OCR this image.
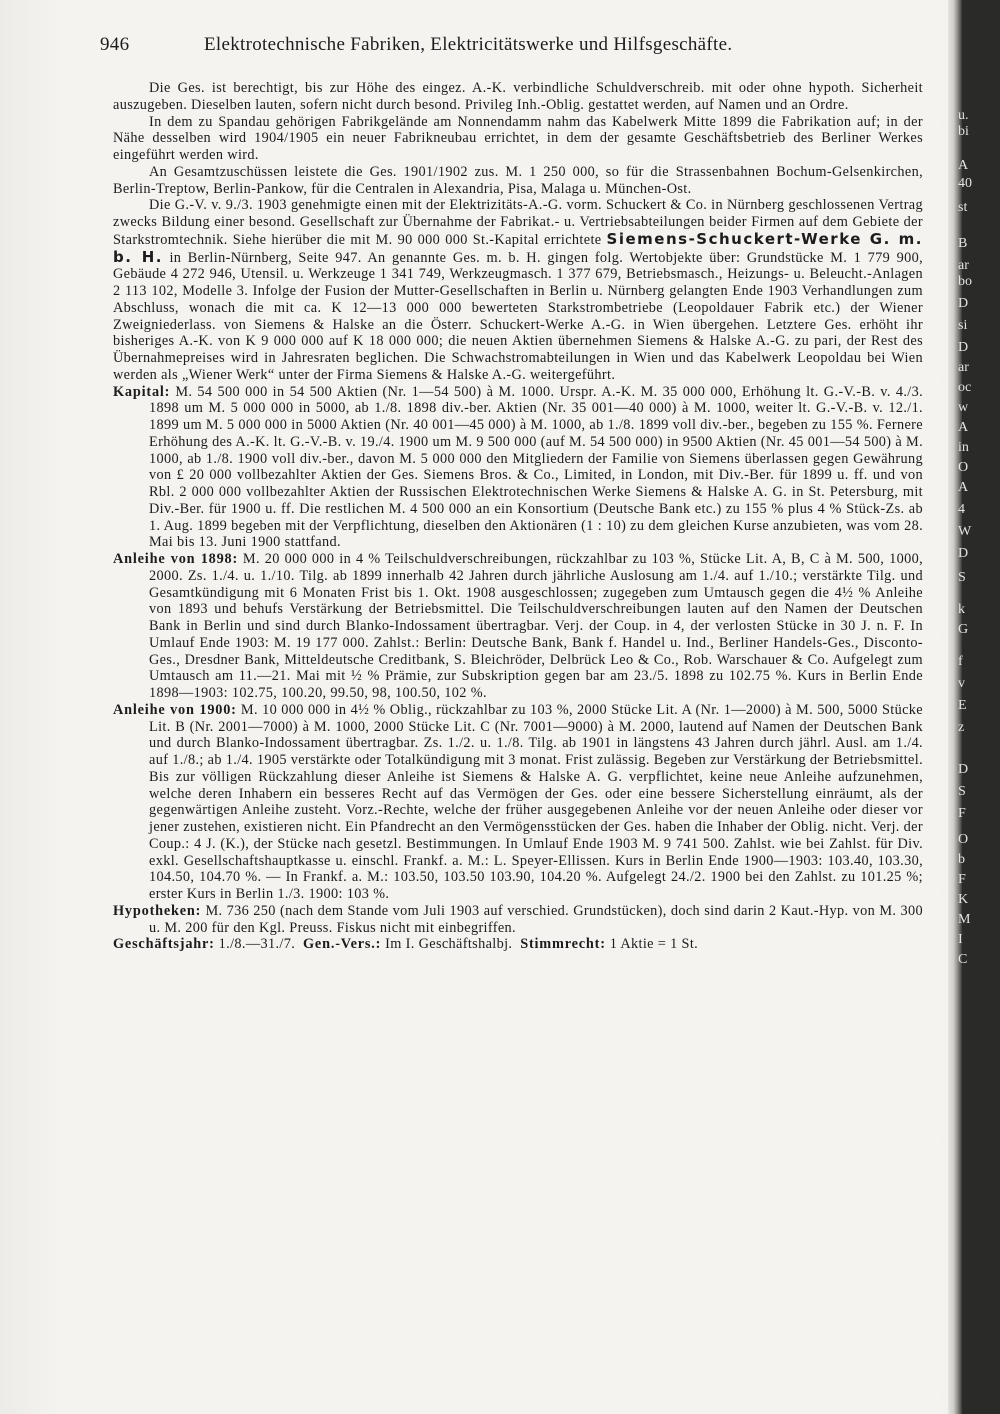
946	Elektrotechnische Fabriken, Elektricitätswerke und Hilfsgeschäfte.

Die Ges. ist berechtigt, bis zur Höhe des eingez. A.-K. verbindliche Schuldverschreib. mit oder ohne hypoth. Sicherheit auszugeben. Dieselben lauten, sofern nicht durch besond. Privileg Inh.-Oblig. gestattet werden, auf Namen und an Ordre.

In dem zu Spandau gehörigen Fabrikgelände am Nonnendamm nahm das Kabelwerk Mitte 1899 die Fabrikation auf; in der Nähe desselben wird 1904/1905 ein neuer Fabrikneubau errichtet, in dem der gesamte Geschäftsbetrieb des Berliner Werkes eingeführt werden wird.

An Gesamtzuschüssen leistete die Ges. 1901/1902 zus. M. 1 250 000, so für die Strassenbahnen Bochum-Gelsenkirchen, Berlin-Treptow, Berlin-Pankow, für die Centralen in Alexandria, Pisa, Malaga u. München-Ost.

Die G.-V. v. 9./3. 1903 genehmigte einen mit der Elektrizitäts-A.-G. vorm. Schuckert & Co. in Nürnberg geschlossenen Vertrag zwecks Bildung einer besond. Gesellschaft zur Übernahme der Fabrikat.- u. Vertriebsabteilungen beider Firmen auf dem Gebiete der Starkstromtechnik. Siehe hierüber die mit M. 90 000 000 St.-Kapital errichtete Siemens-Schuckert-Werke G. m. b. H. in Berlin-Nürnberg, Seite 947. An genannte Ges. m. b. H. gingen folg. Wertobjekte über: Grundstücke M. 1 779 900, Gebäude 4 272 946, Utensil. u. Werkzeuge 1 341 749, Werkzeugmasch. 1 377 679, Betriebsmasch., Heizungs- u. Beleucht.-Anlagen 2 113 102, Modelle 3. Infolge der Fusion der Mutter-Gesellschaften in Berlin u. Nürnberg gelangten Ende 1903 Verhandlungen zum Abschluss, wonach die mit ca. K 12—13 000 000 bewerteten Starkstrombetriebe (Leopoldauer Fabrik etc.) der Wiener Zweigniederlass. von Siemens & Halske an die Österr. Schuckert-Werke A.-G. in Wien übergehen. Letztere Ges. erhöht ihr bisheriges A.-K. von K 9 000 000 auf K 18 000 000; die neuen Aktien übernehmen Siemens & Halske A.-G. zu pari, der Rest des Übernahmepreises wird in Jahresraten beglichen. Die Schwachstromabteilungen in Wien und das Kabelwerk Leopoldau bei Wien werden als „Wiener Werk“ unter der Firma Siemens & Halske A.-G. weitergeführt.

Kapital: M. 54 500 000 in 54 500 Aktien (Nr. 1—54 500) à M. 1000. Urspr. A.-K. M. 35 000 000, Erhöhung lt. G.-V.-B. v. 4./3. 1898 um M. 5 000 000 in 5000, ab 1./8. 1898 div.-ber. Aktien (Nr. 35 001—40 000) à M. 1000, weiter lt. G.-V.-B. v. 12./1. 1899 um M. 5 000 000 in 5000 Aktien (Nr. 40 001—45 000) à M. 1000, ab 1./8. 1899 voll div.-ber., begeben zu 155 %. Fernere Erhöhung des A.-K. lt. G.-V.-B. v. 19./4. 1900 um M. 9 500 000 (auf M. 54 500 000) in 9500 Aktien (Nr. 45 001—54 500) à M. 1000, ab 1./8. 1900 voll div.-ber., davon M. 5 000 000 den Mitgliedern der Familie von Siemens überlassen gegen Gewährung von £ 20 000 vollbezahlter Aktien der Ges. Siemens Bros. & Co., Limited, in London, mit Div.-Ber. für 1899 u. ff. und von Rbl. 2 000 000 vollbezahlter Aktien der Russischen Elektrotechnischen Werke Siemens & Halske A. G. in St. Petersburg, mit Div.-Ber. für 1900 u. ff. Die restlichen M. 4 500 000 an ein Konsortium (Deutsche Bank etc.) zu 155 % plus 4 % Stück-Zs. ab 1. Aug. 1899 begeben mit der Verpflichtung, dieselben den Aktionären (1 : 10) zu dem gleichen Kurse anzubieten, was vom 28. Mai bis 13. Juni 1900 stattfand.

Anleihe von 1898: M. 20 000 000 in 4 % Teilschuldverschreibungen, rückzahlbar zu 103 %, Stücke Lit. A, B, C à M. 500, 1000, 2000. Zs. 1./4. u. 1./10. Tilg. ab 1899 innerhalb 42 Jahren durch jährliche Auslosung am 1./4. auf 1./10.; verstärkte Tilg. und Gesamtkündigung mit 6 Monaten Frist bis 1. Okt. 1908 ausgeschlossen; zugegeben zum Umtausch gegen die 4½ % Anleihe von 1893 und behufs Verstärkung der Betriebsmittel. Die Teilschuldverschreibungen lauten auf den Namen der Deutschen Bank in Berlin und sind durch Blanko-Indossament übertragbar. Verj. der Coup. in 4, der verlosten Stücke in 30 J. n. F. In Umlauf Ende 1903: M. 19 177 000. Zahlst.: Berlin: Deutsche Bank, Bank f. Handel u. Ind., Berliner Handels-Ges., Disconto-Ges., Dresdner Bank, Mitteldeutsche Creditbank, S. Bleichröder, Delbrück Leo & Co., Rob. Warschauer & Co. Aufgelegt zum Umtausch am 11.—21. Mai mit ½ % Prämie, zur Subskription gegen bar am 23./5. 1898 zu 102.75 %. Kurs in Berlin Ende 1898—1903: 102.75, 100.20, 99.50, 98, 100.50, 102 %.

Anleihe von 1900: M. 10 000 000 in 4½ % Oblig., rückzahlbar zu 103 %, 2000 Stücke Lit. A (Nr. 1—2000) à M. 500, 5000 Stücke Lit. B (Nr. 2001—7000) à M. 1000, 2000 Stücke Lit. C (Nr. 7001—9000) à M. 2000, lautend auf Namen der Deutschen Bank und durch Blanko-Indossament übertragbar. Zs. 1./2. u. 1./8. Tilg. ab 1901 in längstens 43 Jahren durch jährl. Ausl. am 1./4. auf 1./8.; ab 1./4. 1905 verstärkte oder Totalkündigung mit 3 monat. Frist zulässig. Begeben zur Verstärkung der Betriebsmittel. Bis zur völligen Rückzahlung dieser Anleihe ist Siemens & Halske A. G. verpflichtet, keine neue Anleihe aufzunehmen, welche deren Inhabern ein besseres Recht auf das Vermögen der Ges. oder eine bessere Sicherstellung einräumt, als der gegenwärtigen Anleihe zusteht. Vorz.-Rechte, welche der früher ausgegebenen Anleihe vor der neuen Anleihe oder dieser vor jener zustehen, existieren nicht. Ein Pfandrecht an den Vermögensstücken der Ges. haben die Inhaber der Oblig. nicht. Verj. der Coup.: 4 J. (K.), der Stücke nach gesetzl. Bestimmungen. In Umlauf Ende 1903 M. 9 741 500. Zahlst. wie bei Zahlst. für Div. exkl. Gesellschaftshauptkasse u. einschl. Frankf. a. M.: L. Speyer-Ellissen. Kurs in Berlin Ende 1900—1903: 103.40, 103.30, 104.50, 104.70 %. — In Frankf. a. M.: 103.50, 103.50 103.90, 104.20 %. Aufgelegt 24./2. 1900 bei den Zahlst. zu 101.25 %; erster Kurs in Berlin 1./3. 1900: 103 %.

Hypotheken: M. 736 250 (nach dem Stande vom Juli 1903 auf verschied. Grundstücken), doch sind darin 2 Kaut.-Hyp. von M. 300 u. M. 200 für den Kgl. Preuss. Fiskus nicht mit einbegriffen.

Geschäftsjahr: 1./8.—31./7. Gen.-Vers.: Im I. Geschäftshalbj. Stimmrecht: 1 Aktie = 1 St.

u.
bi
A
40
st
B
ar
bo
D
si
D
ar
oc
w
A
in
O
A
4
W
D
S
k
G
f
v
E
z
D
S
F
O
b
F
K
M
I
C
